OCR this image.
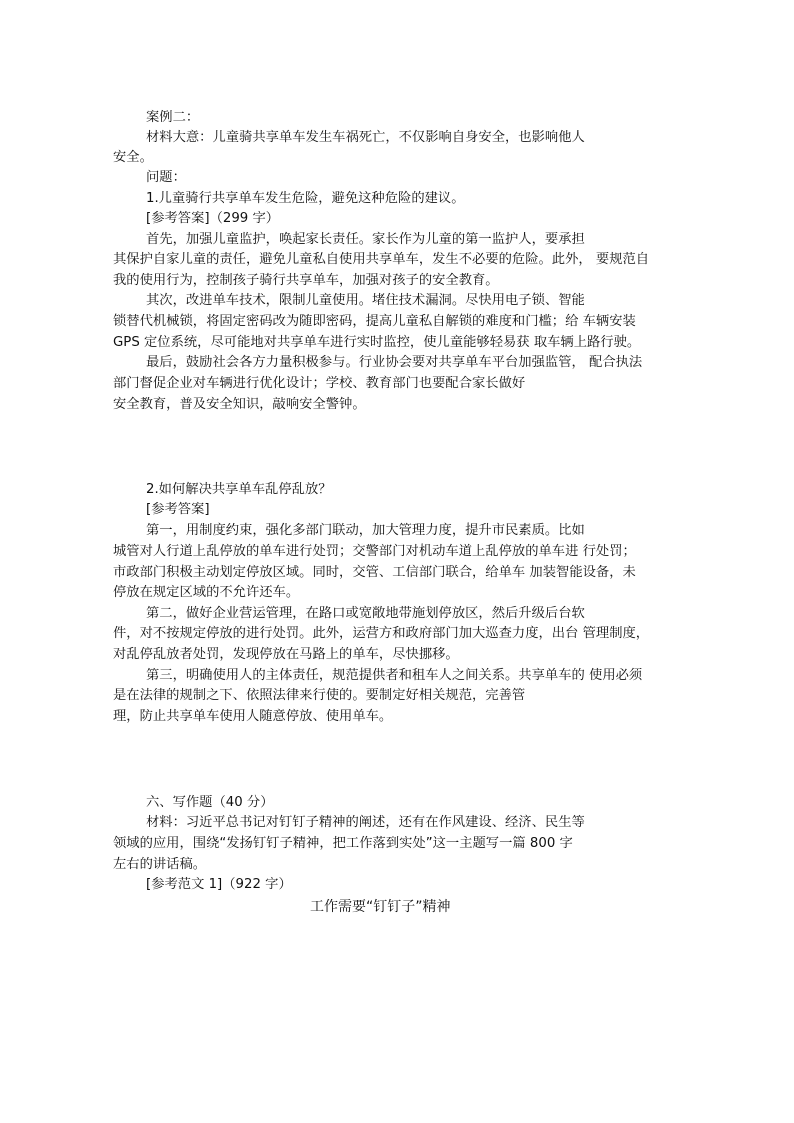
案例二：

材料大意：儿童骑共享单车发生车祸死亡，不仅影响自身安全，也影响他人

安全。

问题：

1.儿童骑行共享单车发生危险，避免这种危险的建议。

[参考答案]（299 字）

首先，加强儿童监护，唤起家长责任。家长作为儿童的第一监护人，要承担

其保护自家儿童的责任，避免儿童私自使用共享单车，发生不必要的危险。此外， 要规范自

我的使用行为，控制孩子骑行共享单车，加强对孩子的安全教育。

其次，改进单车技术，限制儿童使用。堵住技术漏洞。尽快用电子锁、智能

锁替代机械锁，将固定密码改为随即密码，提高儿童私自解锁的难度和门槛；给 车辆安装

GPS 定位系统，尽可能地对共享单车进行实时监控，使儿童能够轻易获 取车辆上路行驶。

最后，鼓励社会各方力量积极参与。行业协会要对共享单车平台加强监管， 配合执法

部门督促企业对车辆进行优化设计；学校、教育部门也要配合家长做好

安全教育，普及安全知识，敲响安全警钟。

2.如何解决共享单车乱停乱放？

[参考答案]

第一，用制度约束，强化多部门联动，加大管理力度，提升市民素质。比如

城管对人行道上乱停放的单车进行处罚；交警部门对机动车道上乱停放的单车进 行处罚；

市政部门积极主动划定停放区域。同时，交管、工信部门联合，给单车 加装智能设备，未

停放在规定区域的不允许还车。

第二，做好企业营运管理，在路口或宽敞地带施划停放区，然后升级后台软

件，对不按规定停放的进行处罚。此外，运营方和政府部门加大巡查力度，出台 管理制度，

对乱停乱放者处罚，发现停放在马路上的单车，尽快挪移。

第三，明确使用人的主体责任，规范提供者和租车人之间关系。共享单车的 使用必须

是在法律的规制之下、依照法律来行使的。要制定好相关规范，完善管

理，防止共享单车使用人随意停放、使用单车。

六、写作题（40 分）

材料：习近平总书记对钉钉子精神的阐述，还有在作风建设、经济、民生等

领域的应用，围绕“发扬钉钉子精神，把工作落到实处”这一主题写一篇 800 字

左右的讲话稿。

[参考范文 1]（922 字）

工作需要“钉钉子”精神
